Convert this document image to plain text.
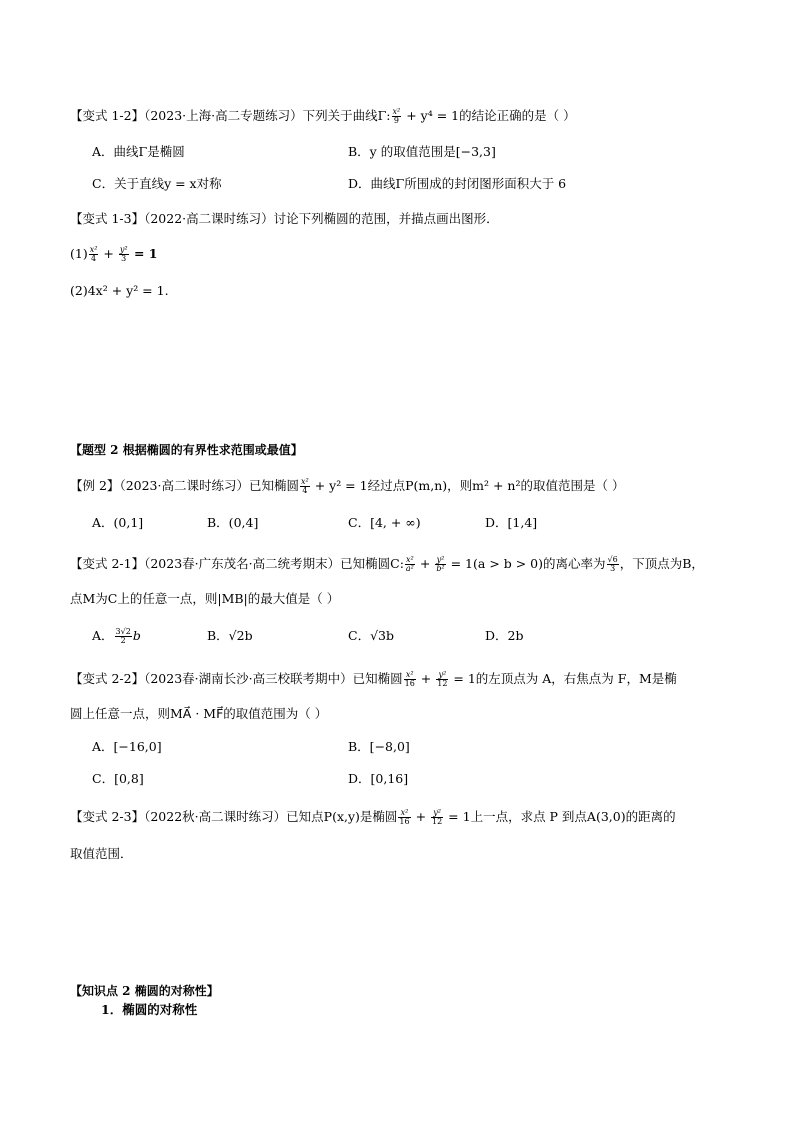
【变式 1-2】（2023·上海·高二专题练习）下列关于曲线Γ: $\frac{\text{x²}}{9} + y^4 = 1$的结论正确的是（ ）
A．曲线Γ是椭圆	B．y 的取值范围是[−3,3]
C．关于直线y = x对称	D．曲线Γ所围成的封闭图形面积大于 6
【变式 1-3】（2022·高二课时练习）讨论下列椭圆的范围，并描点画出图形．
$(1) \frac{\text{x²}}{4} + \frac{\text{y²}}{3} = 1$
(2)4x² + y² = 1.
【题型 2 根据椭圆的有界性求范围或最值】
【例 2】（2023·高二课时练习）已知椭圆 $\frac{\text{x²}}{4} + y^2 = 1$经过点P(m,n)，则m² + n²的取值范围是（ ）
A．(0,1]	B．(0,4]	C．[4, + ∞)	D．[1,4]
【变式 2-1】（2023春·广东茂名·高二统考期末）已知椭圆C: $\frac{\text{x²}}{\text{a²}} + \frac{\text{y²}}{\text{b²}} = 1(a > b > 0)$的离心率为 $\frac{√6}{3}$ ，下顶点为B，
点M为C上的任意一点，则|MB|的最大值是（ ）
A． $\frac{3√2}{2}$ b	B．√2b	C．√3b	D．2b
【变式 2-2】（2023春·湖南长沙·高三校联考期中）已知椭圆 $\frac{\text{x²}}{16} + \frac{\text{y²}}{12} = 1$的左顶点为 A，右焦点为 F，M是椭
圆上任意一点，则MA⃗ · MF⃗的取值范围为（ ）
A．[−16,0]	B．[−8,0]
C．[0,8]	D．[0,16]
【变式 2-3】（2022秋·高二课时练习）已知点P(x,y)是椭圆 $\frac{\text{x²}}{16} + \frac{\text{y²}}{12} = 1$上一点，求点 P 到点A(3,0)的距离的
取值范围．
【知识点 2 椭圆的对称性】
1．椭圆的对称性
